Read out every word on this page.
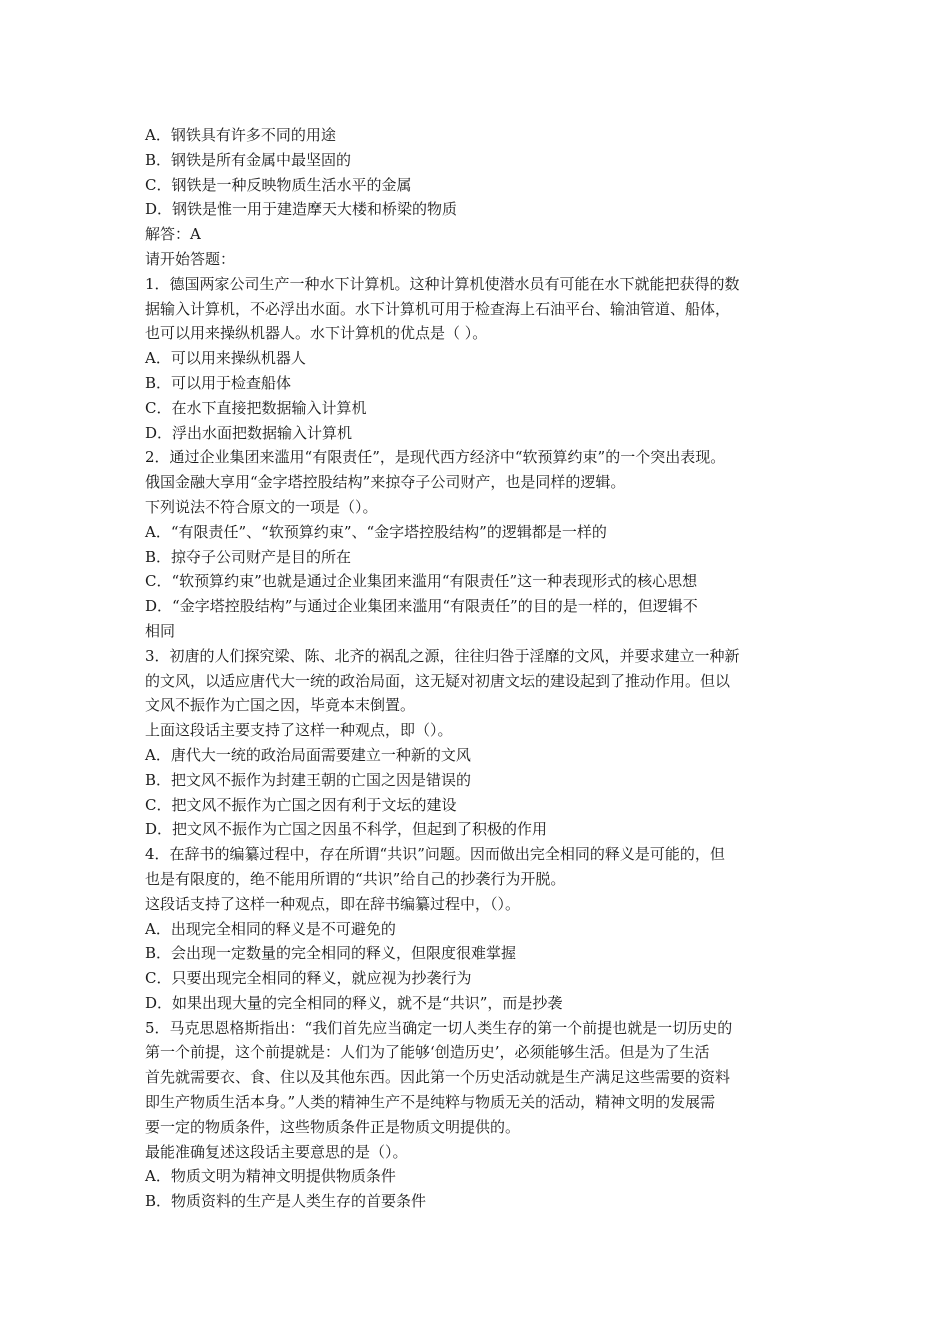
A．钢铁具有许多不同的用途

B．钢铁是所有金属中最坚固的

C．钢铁是一种反映物质生活水平的金属

D．钢铁是惟一用于建造摩天大楼和桥梁的物质

解答：A

请开始答题：

1．德国两家公司生产一种水下计算机。这种计算机使潜水员有可能在水下就能把获得的数

据输入计算机，不必浮出水面。水下计算机可用于检查海上石油平台、输油管道、船体，

也可以用来操纵机器人。水下计算机的优点是（ ）。

A．可以用来操纵机器人

B．可以用于检查船体

C．在水下直接把数据输入计算机

D．浮出水面把数据输入计算机

2．通过企业集团来滥用“有限责任”，是现代西方经济中“软预算约束”的一个突出表现。

俄国金融大享用“金字塔控股结构”来掠夺子公司财产，也是同样的逻辑。

下列说法不符合原文的一项是（）。

A．“有限责任”、“软预算约束”、“金字塔控股结构”的逻辑都是一样的

B．掠夺子公司财产是目的所在

C．“软预算约束”也就是通过企业集团来滥用“有限责任”这一种表现形式的核心思想

D．“金字塔控股结构”与通过企业集团来滥用“有限责任”的目的是一样的，但逻辑不

相同

3．初唐的人们探究梁、陈、北齐的祸乱之源，往往归咎于淫靡的文风，并要求建立一种新

的文风，以适应唐代大一统的政治局面，这无疑对初唐文坛的建设起到了推动作用。但以

文风不振作为亡国之因，毕竟本末倒置。

上面这段话主要支持了这样一种观点，即（）。

A．唐代大一统的政治局面需要建立一种新的文风

B．把文风不振作为封建王朝的亡国之因是错误的

C．把文风不振作为亡国之因有利于文坛的建设

D．把文风不振作为亡国之因虽不科学，但起到了积极的作用

4．在辞书的编纂过程中，存在所谓“共识”问题。因而做出完全相同的释义是可能的，但

也是有限度的，绝不能用所谓的“共识”给自己的抄袭行为开脱。

这段话支持了这样一种观点，即在辞书编纂过程中，（）。

A．出现完全相同的释义是不可避免的

B．会出现一定数量的完全相同的释义，但限度很难掌握

C．只要出现完全相同的释义，就应视为抄袭行为

D．如果出现大量的完全相同的释义，就不是“共识”，而是抄袭

5．马克思恩格斯指出：“我们首先应当确定一切人类生存的第一个前提也就是一切历史的

第一个前提，这个前提就是：人们为了能够‘创造历史’，必须能够生活。但是为了生活

首先就需要衣、食、住以及其他东西。因此第一个历史活动就是生产满足这些需要的资料

即生产物质生活本身。”人类的精神生产不是纯粹与物质无关的活动，精神文明的发展需

要一定的物质条件，这些物质条件正是物质文明提供的。

最能准确复述这段话主要意思的是（）。

A．物质文明为精神文明提供物质条件

B．物质资料的生产是人类生存的首要条件
